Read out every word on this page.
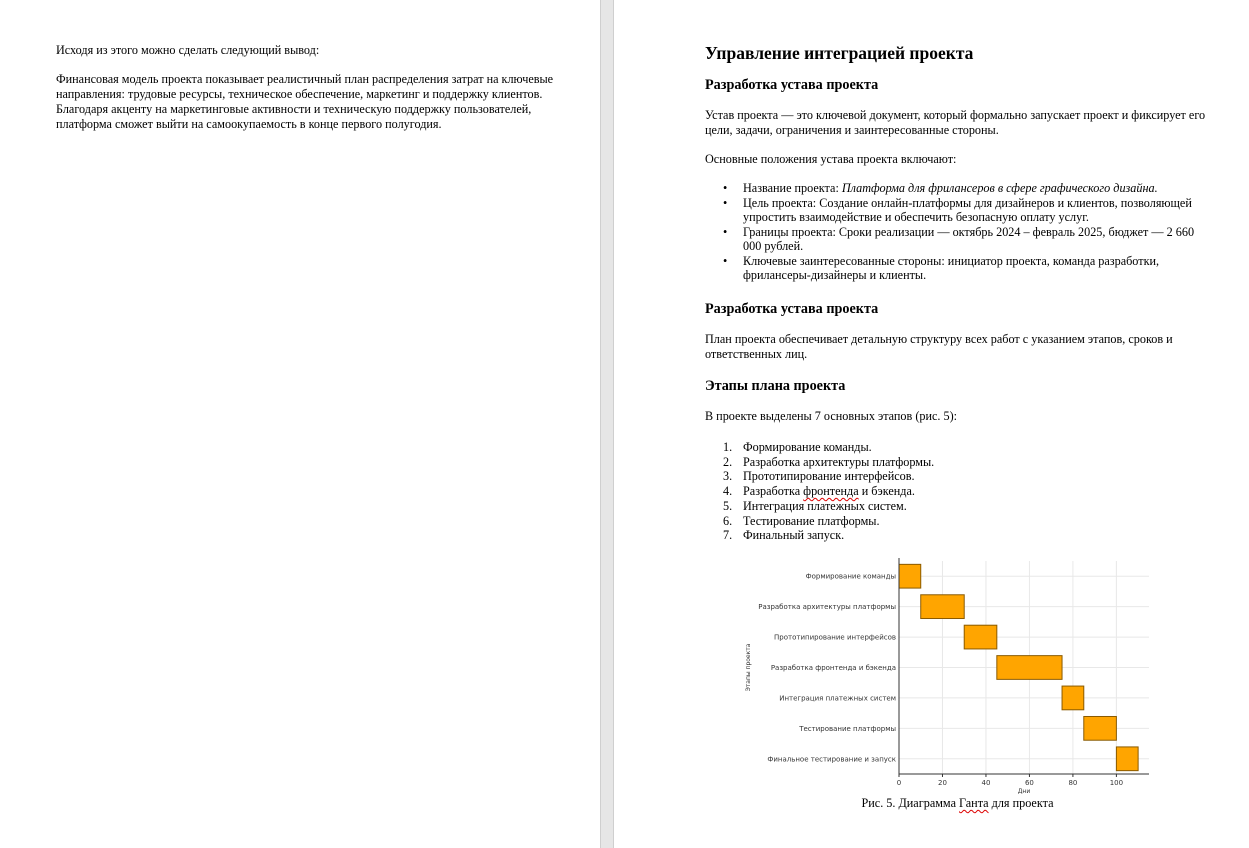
Исходя из этого можно сделать следующий вывод:
Финансовая модель проекта показывает реалистичный план распределения затрат на ключевые направления: трудовые ресурсы, техническое обеспечение, маркетинг и поддержку клиентов. Благодаря акценту на маркетинговые активности и техническую поддержку пользователей, платформа сможет выйти на самоокупаемость в конце первого полугодия.
Управление интеграцией проекта
Разработка устава проекта

Устав проекта — это ключевой документ, который формально запускает проект и фиксирует его цели, задачи, ограничения и заинтересованные стороны.

Основные положения устава проекта включают:

• Название проекта: Платформа для фрилансеров в сфере графического дизайна.
• Цель проекта: Создание онлайн-платформы для дизайнеров и клиентов, позволяющей упростить взаимодействие и обеспечить безопасную оплату услуг.
• Границы проекта: Сроки реализации — октябрь 2024 – февраль 2025, бюджет — 2 660 000 рублей.
• Ключевые заинтересованные стороны: инициатор проекта, команда разработки, фрилансеры-дизайнеры и клиенты.
Разработка устава проекта

План проекта обеспечивает детальную структуру всех работ с указанием этапов, сроков и ответственных лиц.

Этапы плана проекта

В проекте выделены 7 основных этапов (рис. 5):

1. Формирование команды.
2. Разработка архитектуры платформы.
3. Прототипирование интерфейсов.
4. Разработка фронтенда и бэкенда.
5. Интеграция платежных систем.
6. Тестирование платформы.
7. Финальный запуск.
Формирование команды
Разработка архитектуры платформы
Прототипирование интерфейсов
Разработка фронтенда и бэкенда
Интеграция платежных систем
Тестирование платформы
Финальное тестирование и запуск
0	20	40	60	80	100
Дни
Этапы проекта
Рис. 5. Диаграмма Ганта для проекта
